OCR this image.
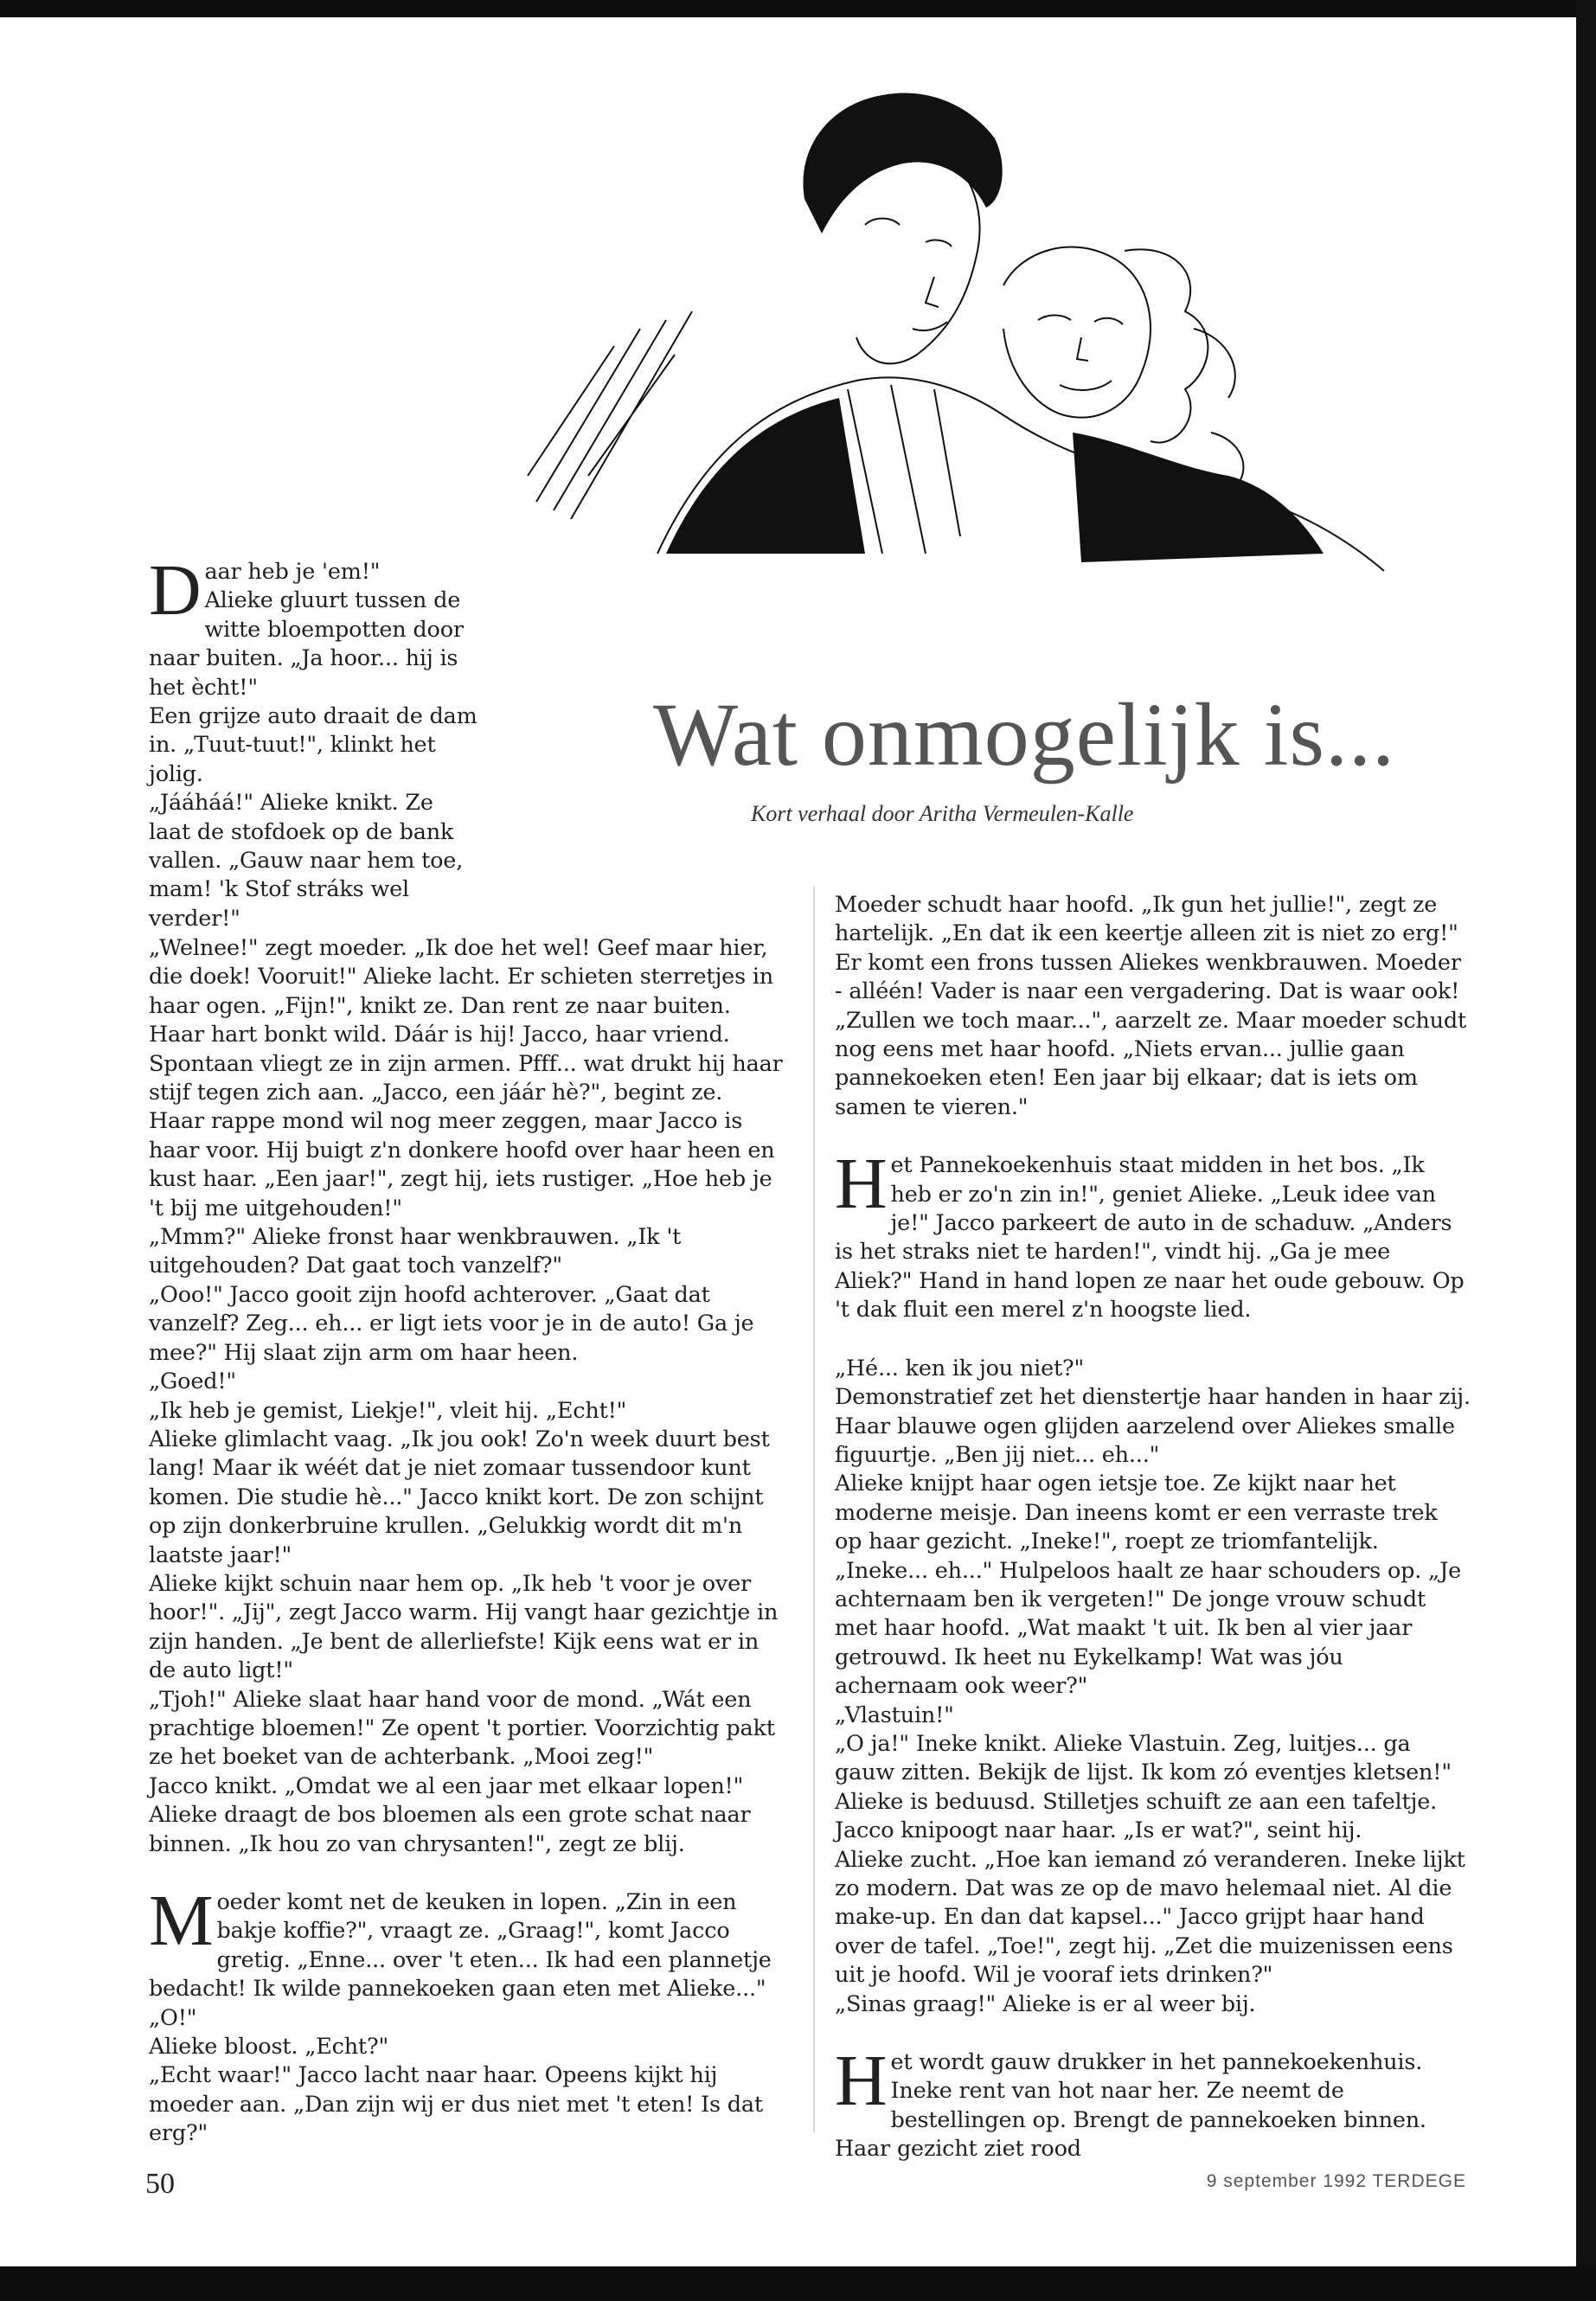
Daar heb je 'em!"

Alieke gluurt tussen de witte bloempotten door naar buiten. „Ja hoor... hij is het ècht!"

Een grijze auto draait de dam in. „Tuut-tuut!", klinkt het jolig.

„Jááháá!" Alieke knikt. Ze laat de stofdoek op de bank vallen. „Gauw naar hem toe, mam! 'k Stof stráks wel verder!"

Wat onmogelijk is...
Kort verhaal door Aritha Vermeulen-Kalle

„Welnee!" zegt moeder. „Ik doe het wel! Geef maar hier, die doek! Vooruit!" Alieke lacht. Er schieten sterretjes in haar ogen. „Fijn!", knikt ze. Dan rent ze naar buiten. Haar hart bonkt wild. Dáár is hij! Jacco, haar vriend. Spontaan vliegt ze in zijn armen. Pfff... wat drukt hij haar stijf tegen zich aan. „Jacco, een jáár hè?", begint ze. Haar rappe mond wil nog meer zeggen, maar Jacco is haar voor. Hij buigt z'n donkere hoofd over haar heen en kust haar. „Een jaar!", zegt hij, iets rustiger. „Hoe heb je 't bij me uitgehouden!"

„Mmm?" Alieke fronst haar wenkbrauwen. „Ik 't uitgehouden? Dat gaat toch vanzelf?"

„Ooo!" Jacco gooit zijn hoofd achterover. „Gaat dat vanzelf? Zeg... eh... er ligt iets voor je in de auto! Ga je mee?" Hij slaat zijn arm om haar heen.

„Goed!"

„Ik heb je gemist, Liekje!", vleit hij. „Echt!"

Alieke glimlacht vaag. „Ik jou ook! Zo'n week duurt best lang! Maar ik wéét dat je niet zomaar tussendoor kunt komen. Die studie hè..." Jacco knikt kort. De zon schijnt op zijn donkerbruine krullen. „Gelukkig wordt dit m'n laatste jaar!"

Alieke kijkt schuin naar hem op. „Ik heb 't voor je over hoor!". „Jij", zegt Jacco warm. Hij vangt haar gezichtje in zijn handen. „Je bent de allerliefste! Kijk eens wat er in de auto ligt!"

„Tjoh!" Alieke slaat haar hand voor de mond. „Wát een prachtige bloemen!" Ze opent 't portier. Voorzichtig pakt ze het boeket van de achterbank. „Mooi zeg!"

Jacco knikt. „Omdat we al een jaar met elkaar lopen!" Alieke draagt de bos bloemen als een grote schat naar binnen. „Ik hou zo van chrysanten!", zegt ze blij.

Moeder komt net de keuken in lopen. „Zin in een bakje koffie?", vraagt ze. „Graag!", komt Jacco gretig. „Enne... over 't eten... Ik had een plannetje bedacht! Ik wilde pannekoeken gaan eten met Alieke..."

„O!"

Alieke bloost. „Echt?"

„Echt waar!" Jacco lacht naar haar. Opeens kijkt hij moeder aan. „Dan zijn wij er dus niet met 't eten! Is dat erg?"

Moeder schudt haar hoofd. „Ik gun het jullie!", zegt ze hartelijk. „En dat ik een keertje alleen zit is niet zo erg!" Er komt een frons tussen Aliekes wenkbrauwen. Moeder - alléén! Vader is naar een vergadering. Dat is waar ook! „Zullen we toch maar...", aarzelt ze. Maar moeder schudt nog eens met haar hoofd. „Niets ervan... jullie gaan pannekoeken eten! Een jaar bij elkaar; dat is iets om samen te vieren."

Het Pannekoekenhuis staat midden in het bos. „Ik heb er zo'n zin in!", geniet Alieke. „Leuk idee van je!" Jacco parkeert de auto in de schaduw. „Anders is het straks niet te harden!", vindt hij. „Ga je mee Aliek?" Hand in hand lopen ze naar het oude gebouw. Op 't dak fluit een merel z'n hoogste lied.

„Hé... ken ik jou niet?"

Demonstratief zet het dienstertje haar handen in haar zij. Haar blauwe ogen glijden aarzelend over Aliekes smalle figuurtje. „Ben jij niet... eh..."

Alieke knijpt haar ogen ietsje toe. Ze kijkt naar het moderne meisje. Dan ineens komt er een verraste trek op haar gezicht. „Ineke!", roept ze triomfantelijk. „Ineke... eh..." Hulpeloos haalt ze haar schouders op. „Je achternaam ben ik vergeten!" De jonge vrouw schudt met haar hoofd. „Wat maakt 't uit. Ik ben al vier jaar getrouwd. Ik heet nu Eykelkamp! Wat was jóu achernaam ook weer?"

„Vlastuin!"

„O ja!" Ineke knikt. Alieke Vlastuin. Zeg, luitjes... ga gauw zitten. Bekijk de lijst. Ik kom zó eventjes kletsen!" Alieke is beduusd. Stilletjes schuift ze aan een tafeltje. Jacco knipoogt naar haar. „Is er wat?", seint hij.

Alieke zucht. „Hoe kan iemand zó veranderen. Ineke lijkt zo modern. Dat was ze op de mavo helemaal niet. Al die make-up. En dan dat kapsel..." Jacco grijpt haar hand over de tafel. „Toe!", zegt hij. „Zet die muizenissen eens uit je hoofd. Wil je vooraf iets drinken?"

„Sinas graag!" Alieke is er al weer bij.

Het wordt gauw drukker in het pannekoekenhuis. Ineke rent van hot naar her. Ze neemt de bestellingen op. Brengt de pannekoeken binnen. Haar gezicht ziet rood

50	9 september 1992 TERDEGE
